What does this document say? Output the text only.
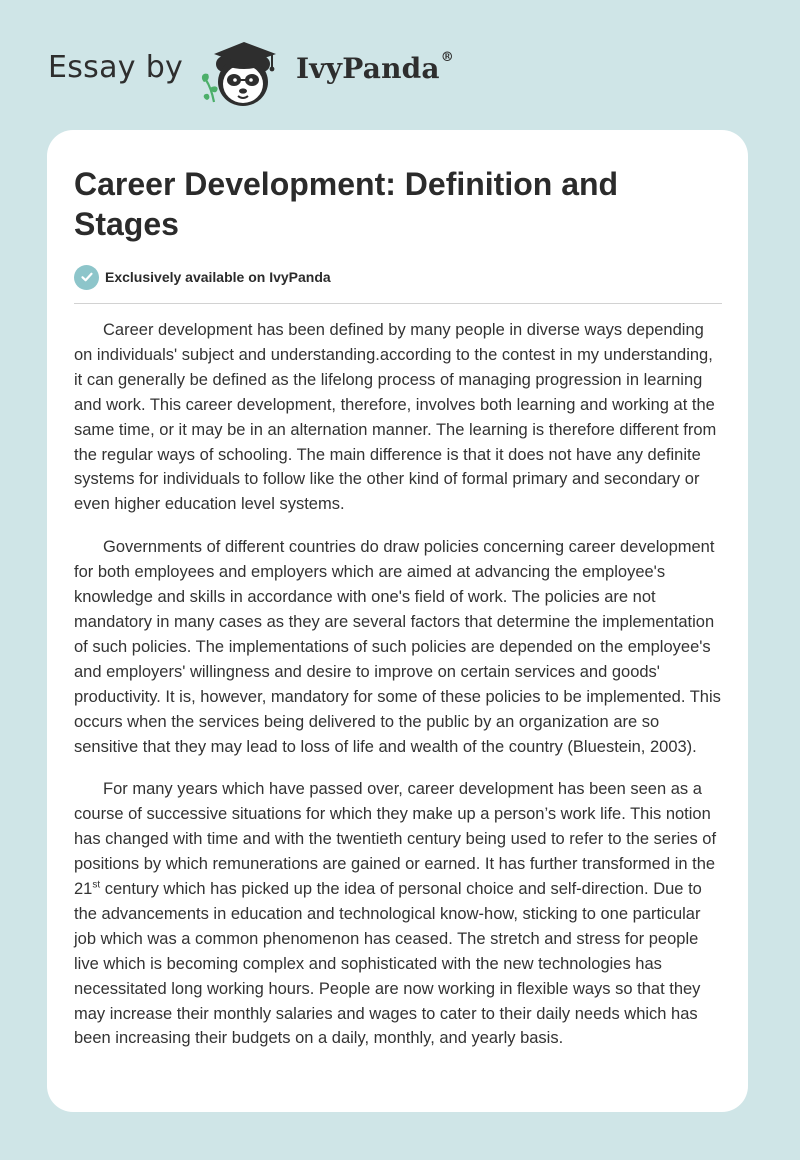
Essay by	IvyPanda®
Career Development: Definition and Stages
Exclusively available on IvyPanda

Career development has been defined by many people in diverse ways depending on individuals' subject and understanding.according to the contest in my understanding, it can generally be defined as the lifelong process of managing progression in learning and work. This career development, therefore, involves both learning and working at the same time, or it may be in an alternation manner. The learning is therefore different from the regular ways of schooling. The main difference is that it does not have any definite systems for individuals to follow like the other kind of formal primary and secondary or even higher education level systems.

Governments of different countries do draw policies concerning career development for both employees and employers which are aimed at advancing the employee's knowledge and skills in accordance with one's field of work. The policies are not mandatory in many cases as they are several factors that determine the implementation of such policies. The implementations of such policies are depended on the employee's and employers' willingness and desire to improve on certain services and goods' productivity. It is, however, mandatory for some of these policies to be implemented. This occurs when the services being delivered to the public by an organization are so sensitive that they may lead to loss of life and wealth of the country (Bluestein, 2003).

For many years which have passed over, career development has been seen as a course of successive situations for which they make up a person’s work life. This notion has changed with time and with the twentieth century being used to refer to the series of positions by which remunerations are gained or earned. It has further transformed in the 21st century which has picked up the idea of personal choice and self-direction. Due to the advancements in education and technological know-how, sticking to one particular job which was a common phenomenon has ceased. The stretch and stress for people live which is becoming complex and sophisticated with the new technologies has necessitated long working hours. People are now working in flexible ways so that they may increase their monthly salaries and wages to cater to their daily needs which has been increasing their budgets on a daily, monthly, and yearly basis.
